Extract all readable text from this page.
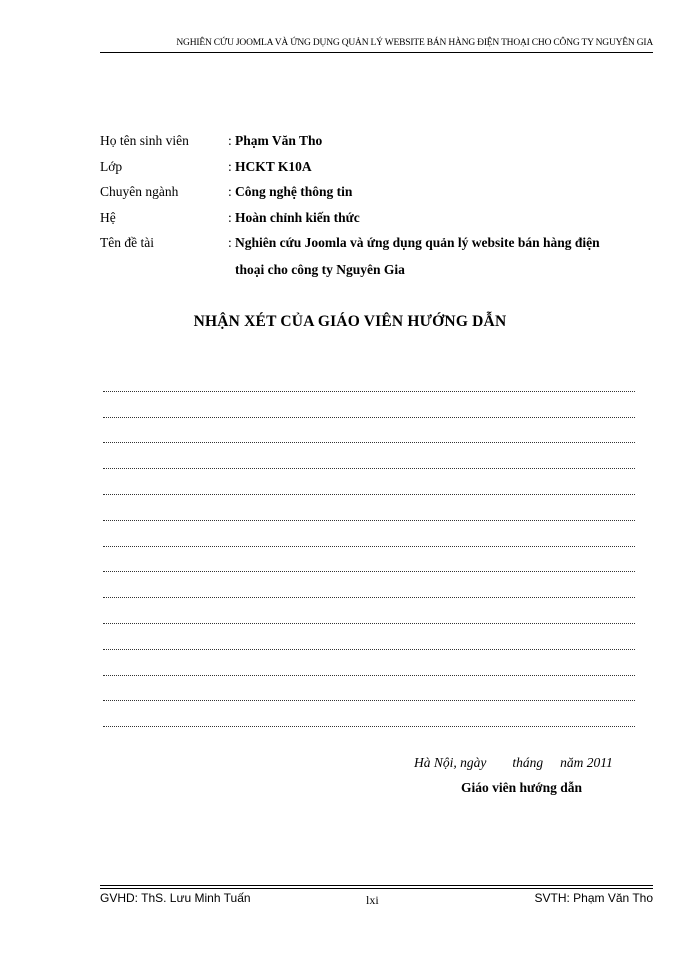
NGHIÊN CỨU JOOMLA VÀ ỨNG DỤNG QUẢN LÝ WEBSITE BÁN HÀNG ĐIỆN THOẠI CHO CÔNG TY NGUYÊN GIA
Họ tên sinh viên	: Phạm Văn Tho
Lớp	: HCKT K10A
Chuyên ngành	: Công nghệ thông tin
Hệ	: Hoàn chỉnh kiến thức
Tên đề tài	: Nghiên cứu Joomla và ứng dụng quản lý website bán hàng điện thoại cho công ty Nguyên Gia
NHẬN XÉT CỦA GIÁO VIÊN HƯỚNG DẪN
Hà Nội, ngày tháng năm 2011
Giáo viên hướng dẫn
GVHD: ThS. Lưu Minh Tuấn	lxi	SVTH: Phạm Văn Tho
